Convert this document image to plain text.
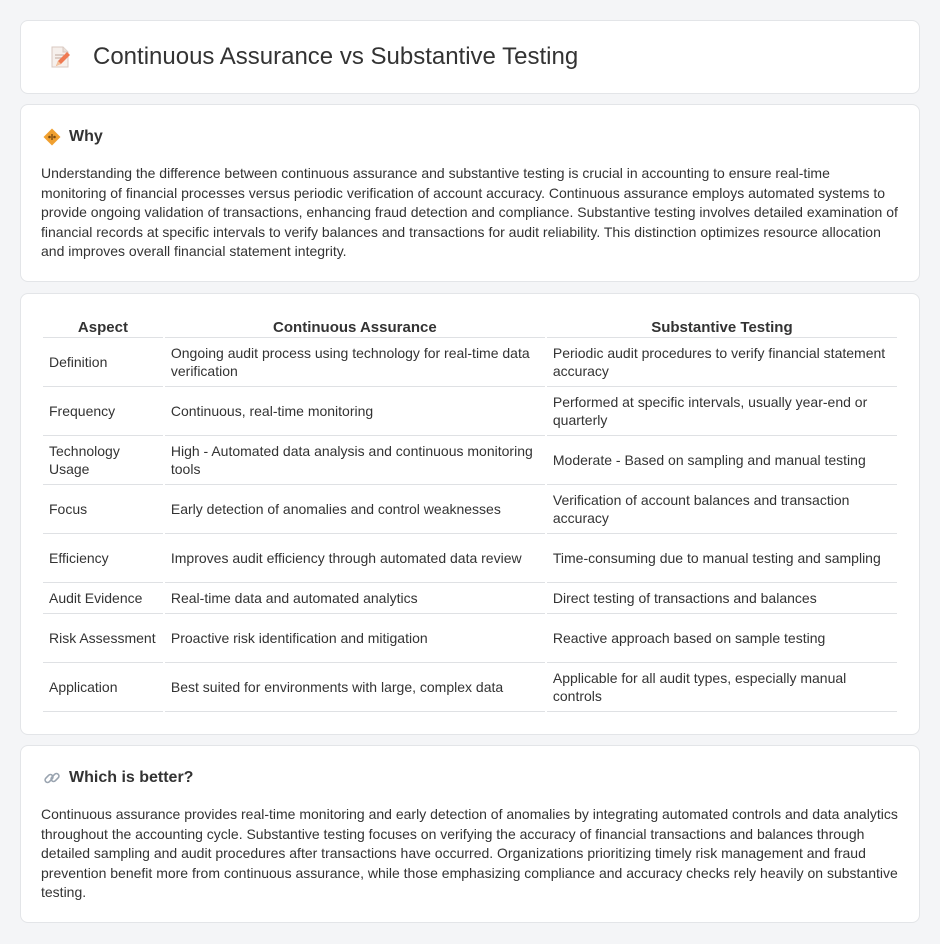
Continuous Assurance vs Substantive Testing
Why

Understanding the difference between continuous assurance and substantive testing is crucial in accounting to ensure real-time monitoring of financial processes versus periodic verification of account accuracy. Continuous assurance employs automated systems to provide ongoing validation of transactions, enhancing fraud detection and compliance. Substantive testing involves detailed examination of financial records at specific intervals to verify balances and transactions for audit reliability. This distinction optimizes resource allocation and improves overall financial statement integrity.

Aspect	Continuous Assurance	Substantive Testing
Definition	Ongoing audit process using technology for real-time data verification	Periodic audit procedures to verify financial statement accuracy
Frequency	Continuous, real-time monitoring	Performed at specific intervals, usually year-end or quarterly
Technology Usage	High - Automated data analysis and continuous monitoring tools	Moderate - Based on sampling and manual testing
Focus	Early detection of anomalies and control weaknesses	Verification of account balances and transaction accuracy
Efficiency	Improves audit efficiency through automated data review	Time-consuming due to manual testing and sampling
Audit Evidence	Real-time data and automated analytics	Direct testing of transactions and balances
Risk Assessment	Proactive risk identification and mitigation	Reactive approach based on sample testing
Application	Best suited for environments with large, complex data	Applicable for all audit types, especially manual controls
Which is better?

Continuous assurance provides real-time monitoring and early detection of anomalies by integrating automated controls and data analytics throughout the accounting cycle. Substantive testing focuses on verifying the accuracy of financial transactions and balances through detailed sampling and audit procedures after transactions have occurred. Organizations prioritizing timely risk management and fraud prevention benefit more from continuous assurance, while those emphasizing compliance and accuracy checks rely heavily on substantive testing.
